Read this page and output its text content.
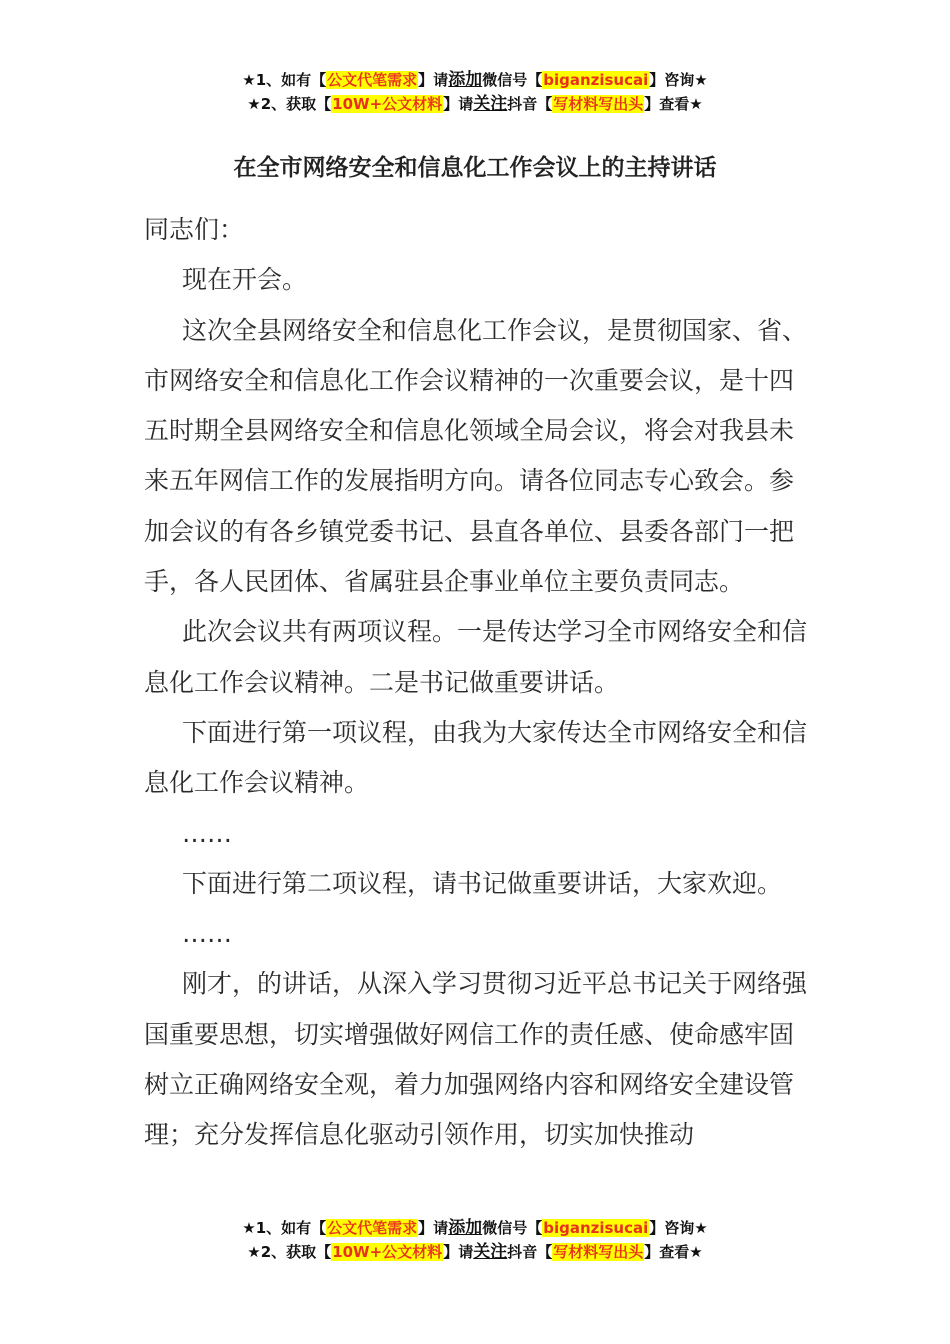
★1、如有【公文代笔需求】请添加微信号【biganzisucai】咨询★
★2、获取【10W+公文材料】请关注抖音【写材料写出头】查看★
在全市网络安全和信息化工作会议上的主持讲话

同志们：

现在开会。

这次全县网络安全和信息化工作会议，是贯彻国家、省、市网络安全和信息化工作会议精神的一次重要会议，是十四五时期全县网络安全和信息化领域全局会议，将会对我县未来五年网信工作的发展指明方向。请各位同志专心致会。参加会议的有各乡镇党委书记、县直各单位、县委各部门一把手，各人民团体、省属驻县企事业单位主要负责同志。

此次会议共有两项议程。一是传达学习全市网络安全和信息化工作会议精神。二是书记做重要讲话。

下面进行第一项议程，由我为大家传达全市网络安全和信息化工作会议精神。

……

下面进行第二项议程，请书记做重要讲话，大家欢迎。

……

刚才，的讲话，从深入学习贯彻习近平总书记关于网络强国重要思想，切实增强做好网信工作的责任感、使命感牢固树立正确网络安全观，着力加强网络内容和网络安全建设管理；充分发挥信息化驱动引领作用，切实加快推动

★1、如有【公文代笔需求】请添加微信号【biganzisucai】咨询★
★2、获取【10W+公文材料】请关注抖音【写材料写出头】查看★
